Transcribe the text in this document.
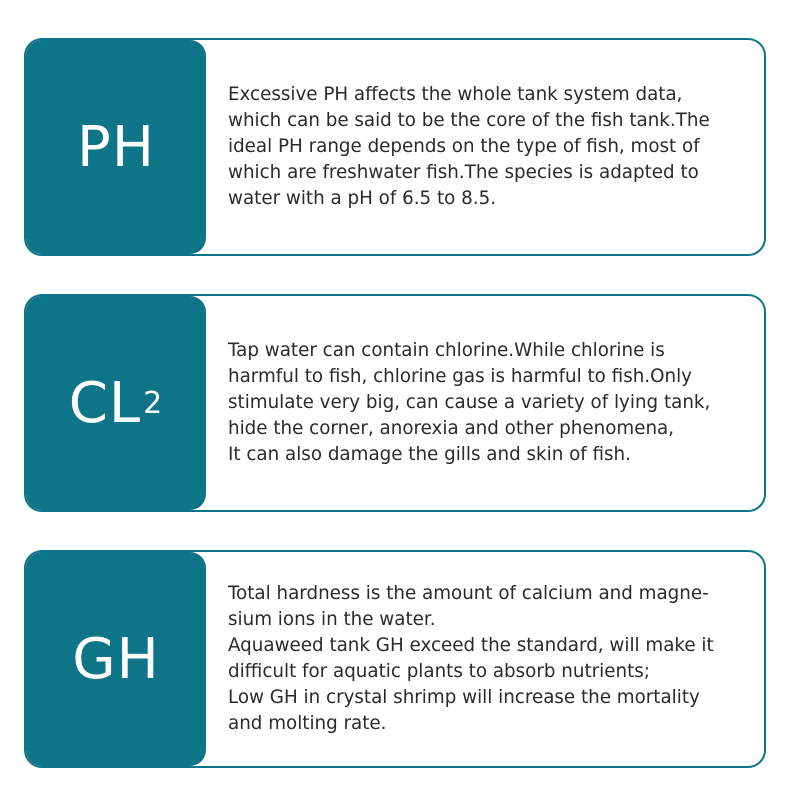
PH
Excessive PH affects the whole tank system data,
which can be said to be the core of the fish tank.The
ideal PH range depends on the type of fish, most of
which are freshwater fish.The species is adapted to
water with a pH of 6.5 to 8.5.
CL 2
Tap water can contain chlorine.While chlorine is
harmful to fish, chlorine gas is harmful to fish.Only
stimulate very big, can cause a variety of lying tank,
hide the corner, anorexia and other phenomena,
It can also damage the gills and skin of fish.
GH
Total hardness is the amount of calcium and magne-
sium ions in the water.
Aquaweed tank GH exceed the standard, will make it
difficult for aquatic plants to absorb nutrients;
Low GH in crystal shrimp will increase the mortality
and molting rate.
